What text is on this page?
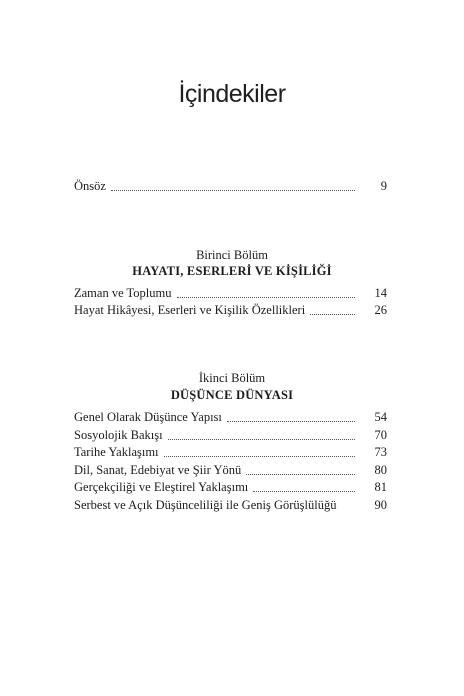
İçindekiler
Önsöz	9
Birinci Bölüm
HAYATI, ESERLERİ VE KİŞİLİĞİ
Zaman ve Toplumu	14
Hayat Hikâyesi, Eserleri ve Kişilik Özellikleri	26
İkinci Bölüm
DÜŞÜNCE DÜNYASI
Genel Olarak Düşünce Yapısı	54
Sosyolojik Bakışı	70
Tarihe Yaklaşımı	73
Dil, Sanat, Edebiyat ve Şiir Yönü	80
Gerçekçiliği ve Eleştirel Yaklaşımı	81
Serbest ve Açık Düşünceliliği ile Geniş Görüşlülüğü	90
